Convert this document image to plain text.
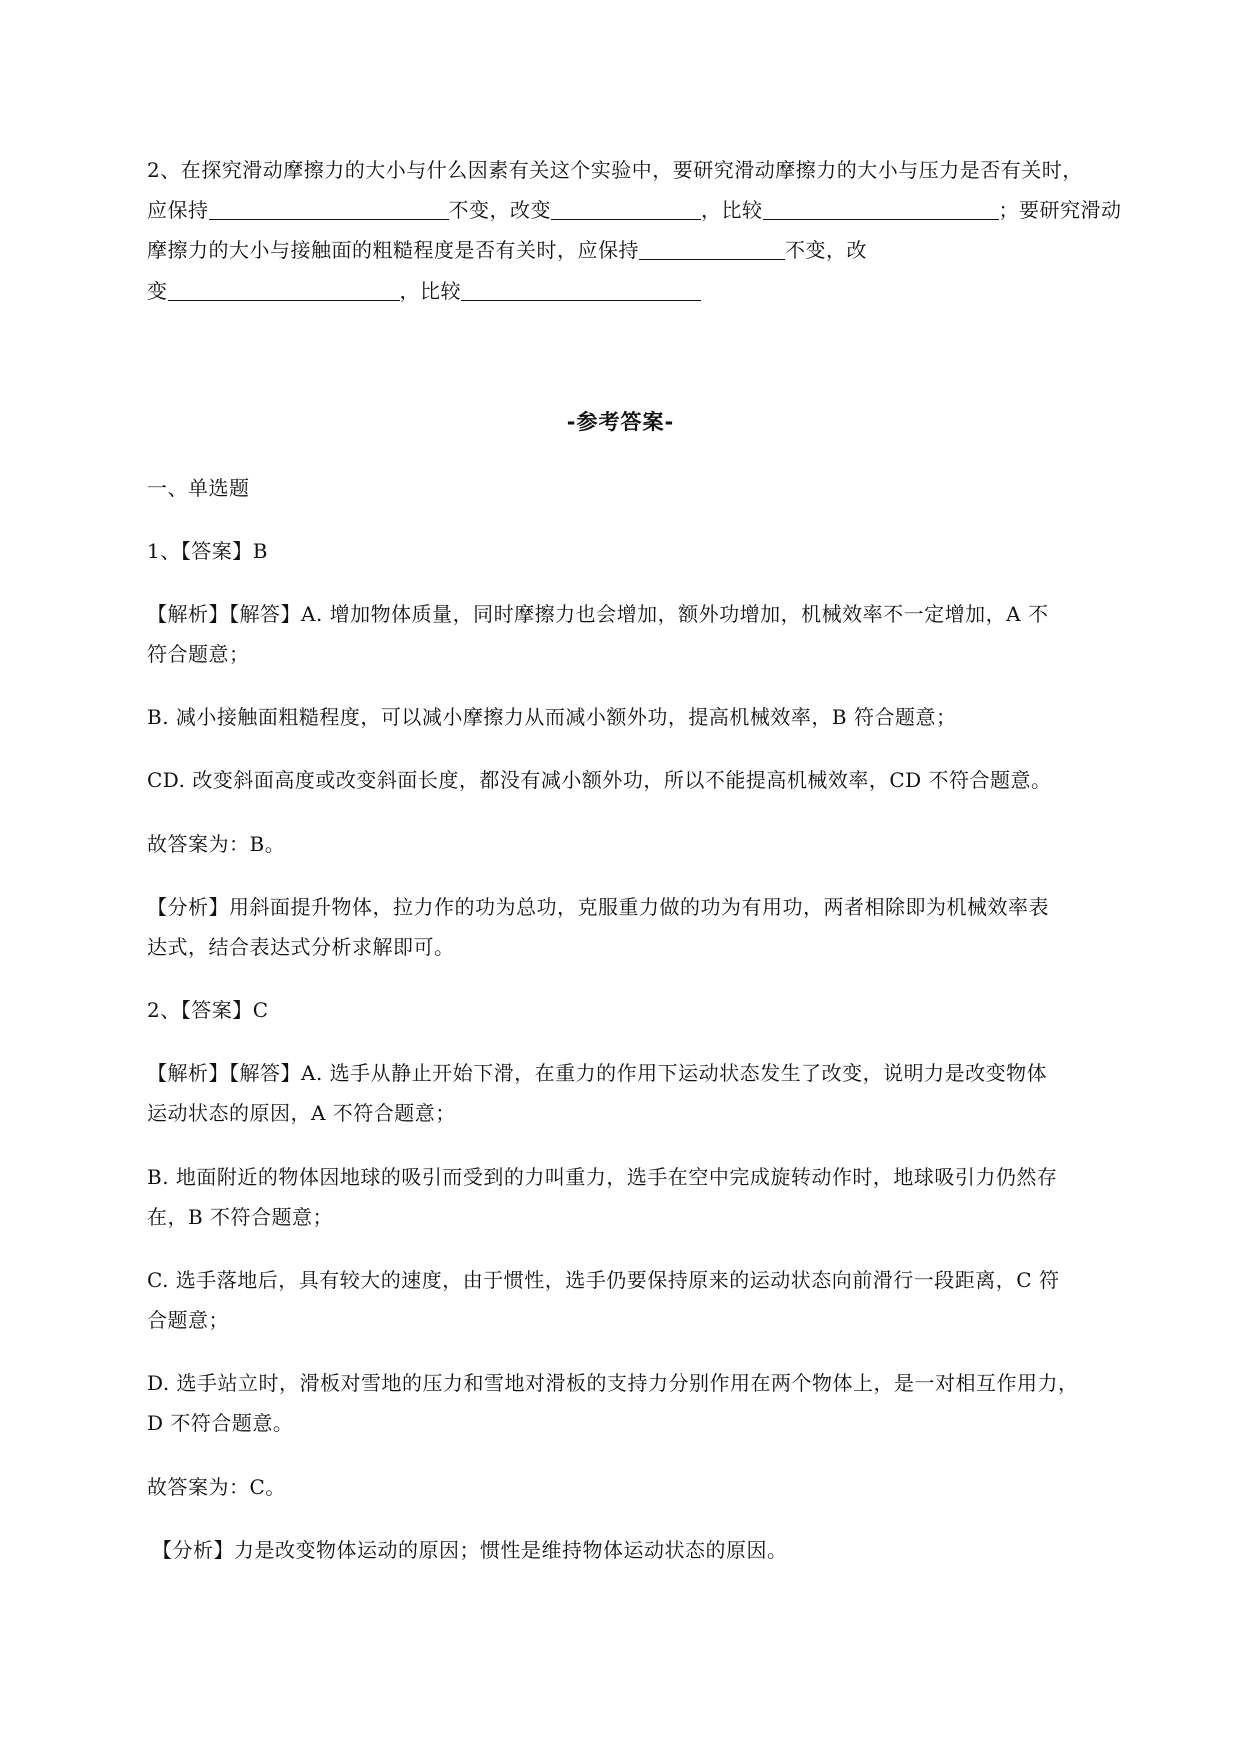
2、在探究滑动摩擦力的大小与什么因素有关这个实验中，要研究滑动摩擦力的大小与压力是否有关时，
应保持	不变，改变	，比较	；要研究滑动
摩擦力的大小与接触面的粗糙程度是否有关时，应保持	不变，改
变	，比较
-参考答案-
一、单选题
1、【答案】B
【解析】【解答】A. 增加物体质量，同时摩擦力也会增加，额外功增加，机械效率不一定增加，A 不
符合题意；
B. 减小接触面粗糙程度，可以减小摩擦力从而减小额外功，提高机械效率，B 符合题意；
CD. 改变斜面高度或改变斜面长度，都没有减小额外功，所以不能提高机械效率，CD 不符合题意。
故答案为：B。
【分析】用斜面提升物体，拉力作的功为总功，克服重力做的功为有用功，两者相除即为机械效率表
达式，结合表达式分析求解即可。
2、【答案】C
【解析】【解答】A. 选手从静止开始下滑，在重力的作用下运动状态发生了改变，说明力是改变物体
运动状态的原因，A 不符合题意；
B. 地面附近的物体因地球的吸引而受到的力叫重力，选手在空中完成旋转动作时，地球吸引力仍然存
在，B 不符合题意；
C. 选手落地后，具有较大的速度，由于惯性，选手仍要保持原来的运动状态向前滑行一段距离，C 符
合题意；
D. 选手站立时，滑板对雪地的压力和雪地对滑板的支持力分别作用在两个物体上，是一对相互作用力，
D 不符合题意。
故答案为：C。
【分析】力是改变物体运动的原因；惯性是维持物体运动状态的原因。
